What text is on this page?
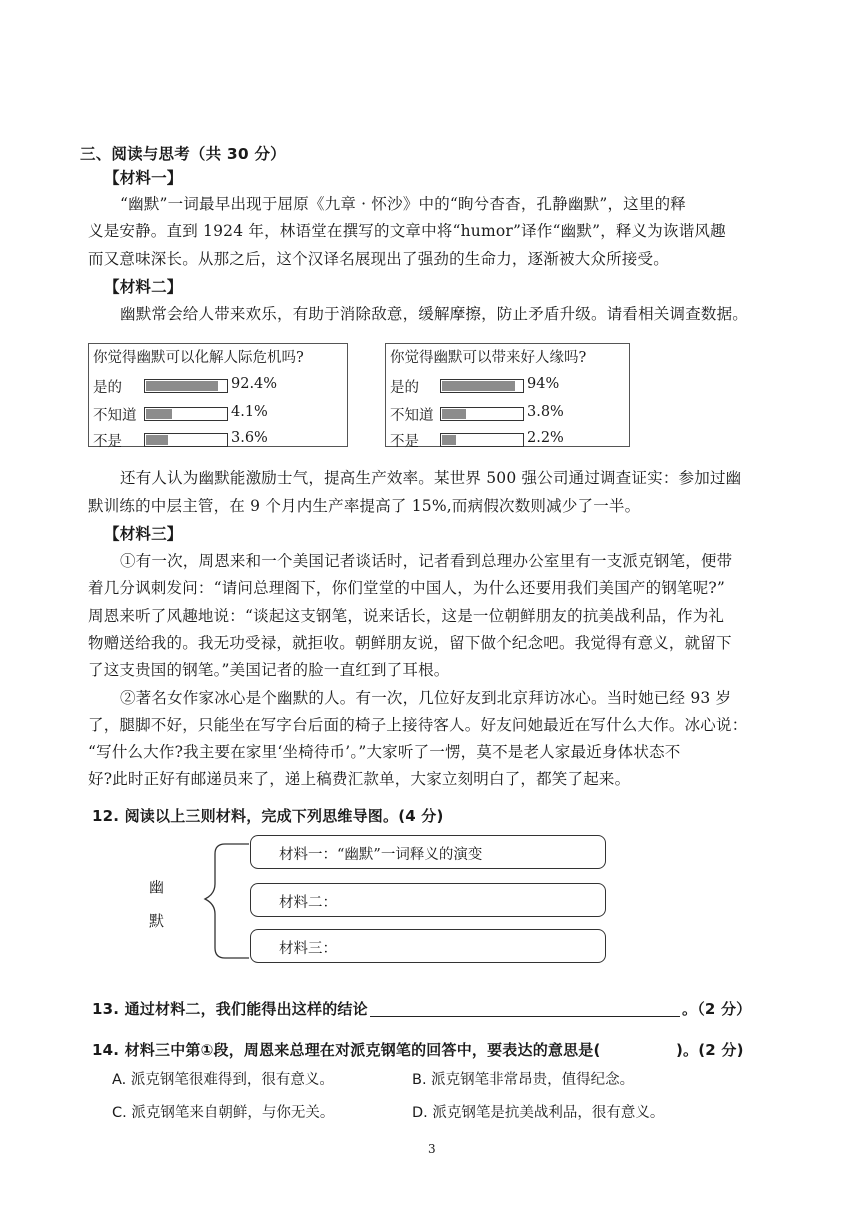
三、阅读与思考（共 30 分）
【材料一】
“幽默”一词最早出现于屈原《九章 · 怀沙》中的“眴兮杳杳，孔静幽默”，这里的释
义是安静。直到 1924 年，林语堂在撰写的文章中将“humor”译作“幽默”，释义为诙谐风趣
而又意味深长。从那之后，这个汉译名展现出了强劲的生命力，逐渐被大众所接受。
【材料二】
幽默常会给人带来欢乐，有助于消除敌意，缓解摩擦，防止矛盾升级。请看相关调查数据。
你觉得幽默可以化解人际危机吗?
是的	92.4%
不知道	4.1%
不是	3.6%
你觉得幽默可以带来好人缘吗?
是的	94%
不知道	3.8%
不是	2.2%
还有人认为幽默能激励士气，提高生产效率。某世界 500 强公司通过调查证实：参加过幽
默训练的中层主管，在 9 个月内生产率提高了 15%,而病假次数则减少了一半。
【材料三】
①有一次，周恩来和一个美国记者谈话时，记者看到总理办公室里有一支派克钢笔，便带
着几分讽刺发问：“请问总理阁下，你们堂堂的中国人，为什么还要用我们美国产的钢笔呢?”
周恩来听了风趣地说：“谈起这支钢笔，说来话长，这是一位朝鲜朋友的抗美战利品，作为礼
物赠送给我的。我无功受禄，就拒收。朝鲜朋友说，留下做个纪念吧。我觉得有意义，就留下
了这支贵国的钢笔。”美国记者的脸一直红到了耳根。
②著名女作家冰心是个幽默的人。有一次，几位好友到北京拜访冰心。当时她已经 93 岁
了，腿脚不好，只能坐在写字台后面的椅子上接待客人。好友问她最近在写什么大作。冰心说：
“写什么大作?我主要在家里‘坐椅待币’。”大家听了一愣，莫不是老人家最近身体状态不
好?此时正好有邮递员来了，递上稿费汇款单，大家立刻明白了，都笑了起来。
12. 阅读以上三则材料，完成下列思维导图。(4 分)
幽
默
材料一：“幽默”一词释义的演变
材料二：
材料三：
13. 通过材料二，我们能得出这样的结论	。（2 分）
14. 材料三中第①段，周恩来总理在对派克钢笔的回答中，要表达的意思是(	)。(2 分)
A. 派克钢笔很难得到，很有意义。	B. 派克钢笔非常昂贵，值得纪念。
C. 派克钢笔来自朝鲜，与你无关。	D. 派克钢笔是抗美战利品，很有意义。
3
